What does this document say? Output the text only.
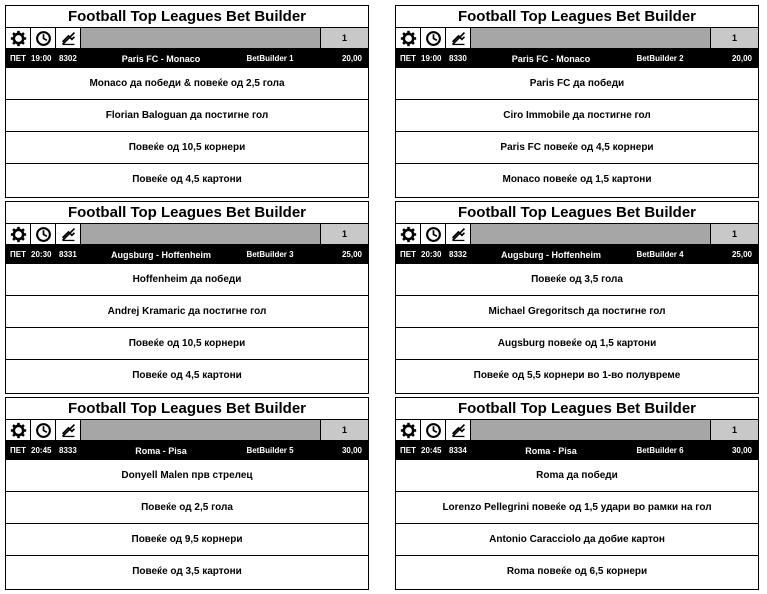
Football Top Leagues Bet Builder
1
ПЕТ 19:00 8302	Paris FC - Monaco	BetBuilder 1	20,00
Monaco да победи & повеќе од 2,5 гола
Florian Baloguan да постигне гол
Повеќе од 10,5 корнери
Повеќе од 4,5 картони
Football Top Leagues Bet Builder
1
ПЕТ 19:00 8330	Paris FC - Monaco	BetBuilder 2	20,00
Paris FC да победи
Ciro Immobile да постигне гол
Paris FC повеќе од 4,5 корнери
Monaco повеќе од 1,5 картони
Football Top Leagues Bet Builder
1
ПЕТ 20:30 8331	Augsburg - Hoffenheim	BetBuilder 3	25,00
Hoffenheim да победи
Andrej Kramaric да постигне гол
Повеќе од 10,5 корнери
Повеќе од 4,5 картони
Football Top Leagues Bet Builder
1
ПЕТ 20:30 8332	Augsburg - Hoffenheim	BetBuilder 4	25,00
Повеќе од 3,5 гола
Michael Gregoritsch да постигне гол
Augsburg повеќе од 1,5 картони
Повеќе од 5,5 корнери во 1-во полувреме
Football Top Leagues Bet Builder
1
ПЕТ 20:45 8333	Roma - Pisa	BetBuilder 5	30,00
Donyell Malen прв стрелец
Повеќе од 2,5 гола
Повеќе од 9,5 корнери
Повеќе од 3,5 картони
Football Top Leagues Bet Builder
1
ПЕТ 20:45 8334	Roma - Pisa	BetBuilder 6	30,00
Roma да победи
Lorenzo Pellegrini повеќе од 1,5 удари во рамки на гол
Antonio Caracciolo да добие картон
Roma повеќе од 6,5 корнери
